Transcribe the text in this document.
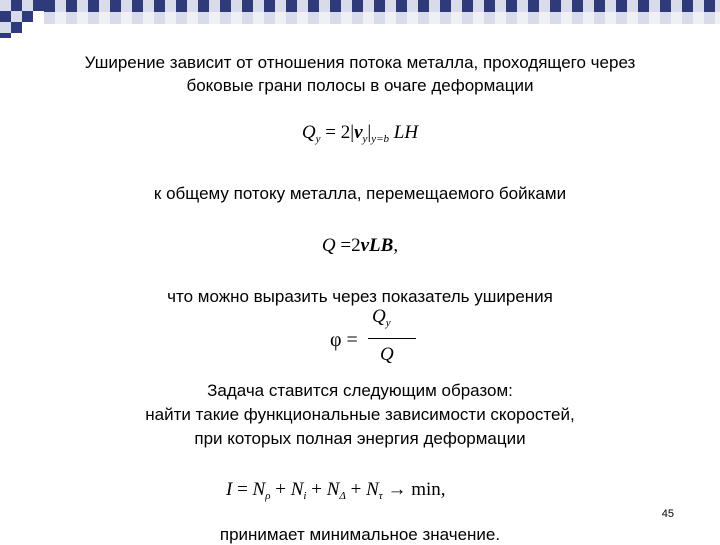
Уширение зависит от отношения потока металла, проходящего через
боковые грани полосы в очаге деформации
$Q_y = 2|v_y|_{y=b}$ LH
к общему потоку металла, перемещаемого бойками
Q =2vLB,
что можно выразить через показатель уширения
φ =
$Q_y$
Q
Задача ставится следующим образом:
найти такие функциональные зависимости скоростей,
при которых полная энергия деформации
$I = N_\rho + N_i + N_\Delta + N_\tau \to \min$,
принимает минимальное значение.
45
